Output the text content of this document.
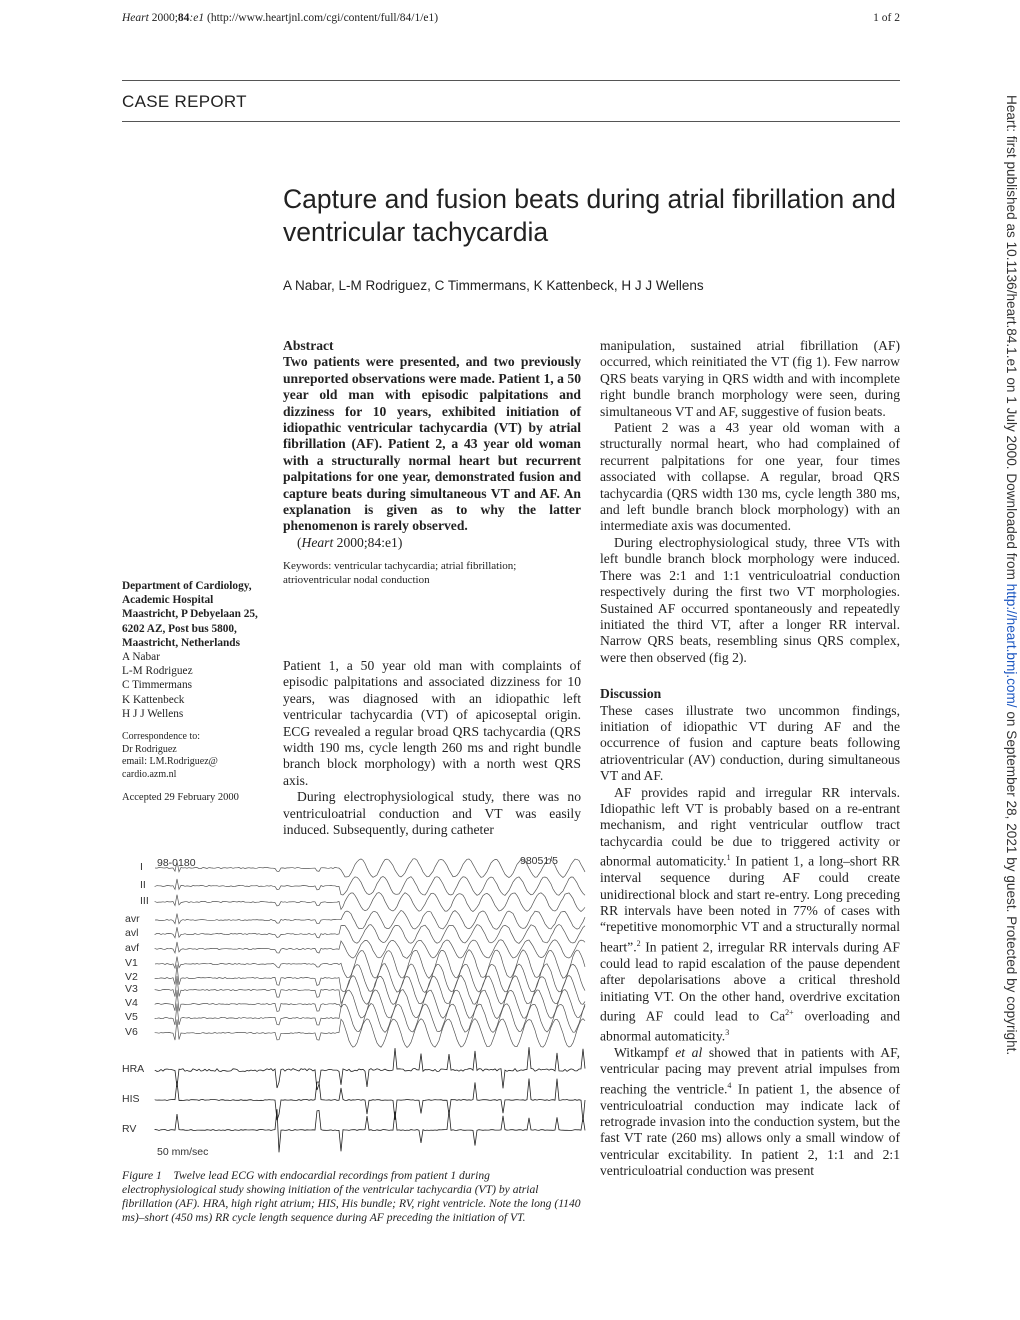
Heart 2000;84:e1 (http://www.heartjnl.com/cgi/content/full/84/1/e1)	1 of 2
CASE REPORT
Capture and fusion beats during atrial fibrillation and ventricular tachycardia
A Nabar, L-M Rodriguez, C Timmermans, K Kattenbeck, H J J Wellens
Abstract
Two patients were presented, and two previously unreported observations were made. Patient 1, a 50 year old man with episodic palpitations and dizziness for 10 years, exhibited initiation of idiopathic ventricular tachycardia (VT) by atrial fibrillation (AF). Patient 2, a 43 year old woman with a structurally normal heart but recurrent palpitations for one year, demonstrated fusion and capture beats during simultaneous VT and AF. An explanation is given as to why the latter phenomenon is rarely observed.
(Heart 2000;84:e1)
Keywords: ventricular tachycardia; atrial fibrillation; atrioventricular nodal conduction

Patient 1, a 50 year old man with complaints of episodic palpitations and associated dizziness for 10 years, was diagnosed with an idiopathic left ventricular tachycardia (VT) of apicoseptal origin. ECG revealed a regular broad QRS tachycardia (QRS width 190 ms, cycle length 260 ms and right bundle branch block morphology) with a north west QRS axis.

During electrophysiological study, there was no ventriculoatrial conduction and VT was easily induced. Subsequently, during catheter

Department of Cardiology, Academic Hospital Maastricht, P Debyelaan 25, 6202 AZ, Post bus 5800, Maastricht, Netherlands
A Nabar
L-M Rodriguez
C Timmermans
K Kattenbeck
H J J Wellens
Correspondence to:
Dr Rodriguez
email: LM.Rodriguez@
cardio.azm.nl
Accepted 29 February 2000

manipulation, sustained atrial fibrillation (AF) occurred, which reinitiated the VT (fig 1). Few narrow QRS beats varying in QRS width and with incomplete right bundle branch morphology were seen, during simultaneous VT and AF, suggestive of fusion beats.

Patient 2 was a 43 year old woman with a structurally normal heart, who had complained of recurrent palpitations for one year, four times associated with collapse. A regular, broad QRS tachycardia (QRS width 130 ms, cycle length 380 ms, and left bundle branch block morphology) with an intermediate axis was documented.

During electrophysiological study, three VTs with left bundle branch block morphology were induced. There was 2:1 and 1:1 ventriculoatrial conduction respectively during the first two VT morphologies. Sustained AF occurred spontaneously and repeatedly initiated the third VT, after a longer RR interval. Narrow QRS beats, resembling sinus QRS complex, were then observed (fig 2).

Discussion

These cases illustrate two uncommon findings, initiation of idiopathic VT during AF and the occurrence of fusion and capture beats following atrioventricular (AV) conduction, during simultaneous VT and AF.

AF provides rapid and irregular RR intervals. Idiopathic left VT is probably based on a re-entrant mechanism, and right ventricular outflow tract tachycardia could be due to triggered activity or abnormal automaticity.$^1$ In patient 1, a long–short RR interval sequence during AF could create unidirectional block and start re-entry. Long preceding RR intervals have been noted in 77% of cases with “repetitive monomorphic VT and a structurally normal heart”.$^2$ In patient 2, irregular RR intervals during AF could lead to rapid escalation of the pause dependent after depolarisations above a critical threshold initiating VT. On the other hand, overdrive excitation during AF could lead to $Ca^{2+}$ overloading and abnormal automaticity.$^3$

Witkampf et al showed that in patients with AF, ventricular pacing may prevent atrial impulses from reaching the ventricle.$^4$ In patient 1, the absence of ventriculoatrial conduction may indicate lack of retrograde invasion into the conduction system, but the fast VT rate (260 ms) allows only a small window of ventricular excitability. In patient 2, 1:1 and 2:1 ventriculoatrial conduction was present

98-0180	98051/5
I
II
III
avr
avl
avf
V1
V2
V3
V4
V5
V6
HRA
HIS
RV
50 mm/sec
Figure 1 Twelve lead ECG with endocardial recordings from patient 1 during electrophysiological study showing initiation of the ventricular tachycardia (VT) by atrial fibrillation (AF). HRA, high right atrium; HIS, His bundle; RV, right ventricle. Note the long (1140 ms)–short (450 ms) RR cycle length sequence during AF preceding the initiation of VT.
Heart: first published as 10.1136/heart.84.1.e1 on 1 July 2000. Downloaded from http://heart.bmj.com/ on September 28, 2021 by guest. Protected by copyright.
